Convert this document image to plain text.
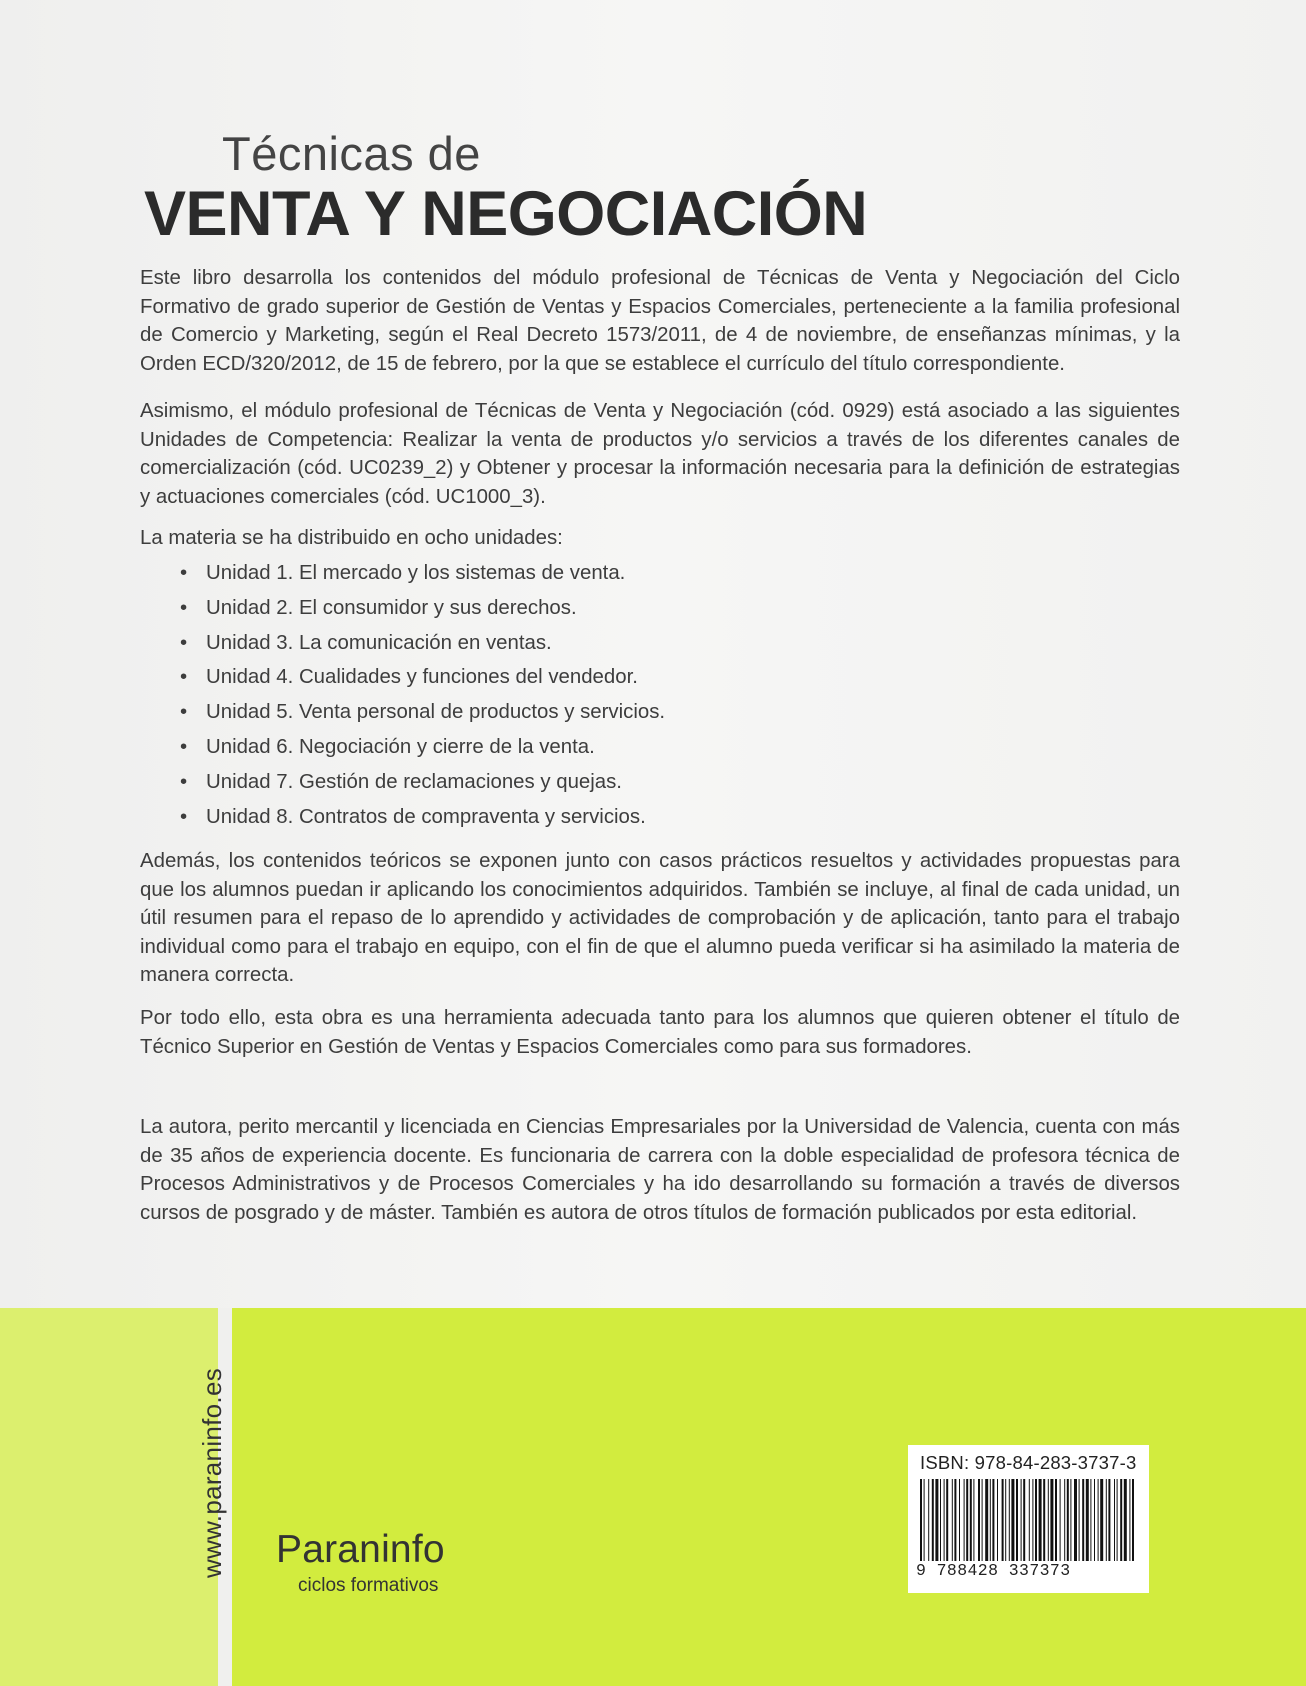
Técnicas de
VENTA Y NEGOCIACIÓN

Este libro desarrolla los contenidos del módulo profesional de Técnicas de Venta y Negociación del Ciclo Formativo de grado superior de Gestión de Ventas y Espacios Comerciales, perteneciente a la familia profesional de Comercio y Marketing, según el Real Decreto 1573/2011, de 4 de noviembre, de enseñanzas mínimas, y la Orden ECD/320/2012, de 15 de febrero, por la que se establece el currículo del título correspondiente.

Asimismo, el módulo profesional de Técnicas de Venta y Negociación (cód. 0929) está asociado a las siguientes Unidades de Competencia: Realizar la venta de productos y/o servicios a través de los diferentes canales de comercialización (cód. UC0239_2) y Obtener y procesar la información necesaria para la definición de estrategias y actuaciones comerciales (cód. UC1000_3).

La materia se ha distribuido en ocho unidades:

• Unidad 1. El mercado y los sistemas de venta.
• Unidad 2. El consumidor y sus derechos.
• Unidad 3. La comunicación en ventas.
• Unidad 4. Cualidades y funciones del vendedor.
• Unidad 5. Venta personal de productos y servicios.
• Unidad 6. Negociación y cierre de la venta.
• Unidad 7. Gestión de reclamaciones y quejas.
• Unidad 8. Contratos de compraventa y servicios.

Además, los contenidos teóricos se exponen junto con casos prácticos resueltos y actividades propuestas para que los alumnos puedan ir aplicando los conocimientos adquiridos. También se incluye, al final de cada unidad, un útil resumen para el repaso de lo aprendido y actividades de comprobación y de aplicación, tanto para el trabajo individual como para el trabajo en equipo, con el fin de que el alumno pueda verificar si ha asimilado la materia de manera correcta.

Por todo ello, esta obra es una herramienta adecuada tanto para los alumnos que quieren obtener el título de Técnico Superior en Gestión de Ventas y Espacios Comerciales como para sus formadores.

La autora, perito mercantil y licenciada en Ciencias Empresariales por la Universidad de Valencia, cuenta con más de 35 años de experiencia docente. Es funcionaria de carrera con la doble especialidad de profesora técnica de Procesos Administrativos y de Procesos Comerciales y ha ido desarrollando su formación a través de diversos cursos de posgrado y de máster. También es autora de otros títulos de formación publicados por esta editorial.

www.paraninfo.es Paraninfo
ciclos formativos
ISBN: 978-84-283-3737-3
9 788428 337373
